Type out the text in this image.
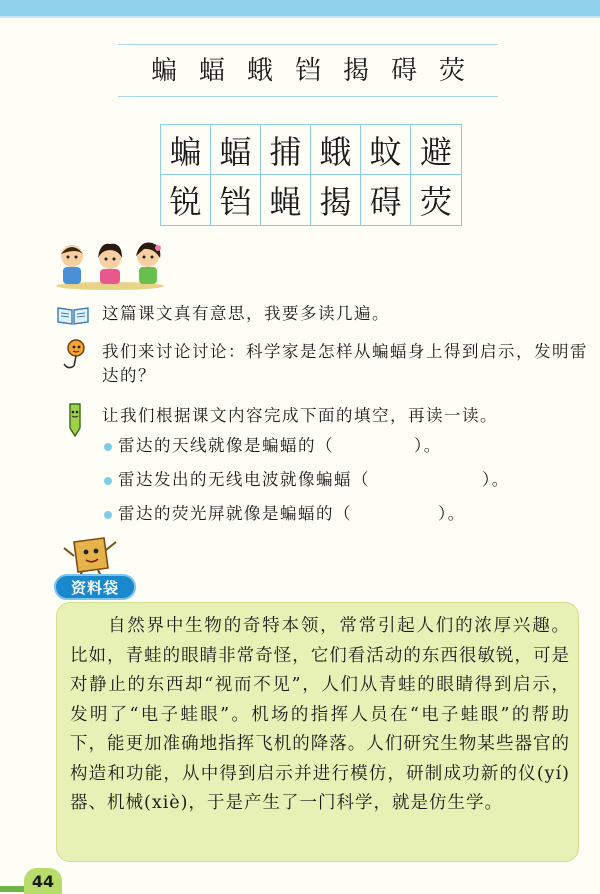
蝙 蝠 蛾 铛 揭 碍 荧
蝙 蝠 捕 蛾 蚊 避
锐 铛 蝇 揭 碍 荧
这篇课文真有意思，我要多读几遍。
我们来讨论讨论：科学家是怎样从蝙蝠身上得到启示，发明雷达的？
让我们根据课文内容完成下面的填空，再读一读。
雷达的天线就像是蝙蝠的（	）。
雷达发出的无线电波就像蝙蝠（	）。
雷达的荧光屏就像是蝙蝠的（	）。
资料袋
自然界中生物的奇特本领，常常引起人们的浓厚兴趣。比如，青蛙的眼睛非常奇怪，它们看活动的东西很敏锐，可是对静止的东西却“视而不见”，人们从青蛙的眼睛得到启示，发明了“电子蛙眼”。机场的指挥人员在“电子蛙眼”的帮助下，能更加准确地指挥飞机的降落。人们研究生物某些器官的构造和功能，从中得到启示并进行模仿，研制成功新的仪(yí)器、机械(xiè)，于是产生了一门科学，就是仿生学。
44
